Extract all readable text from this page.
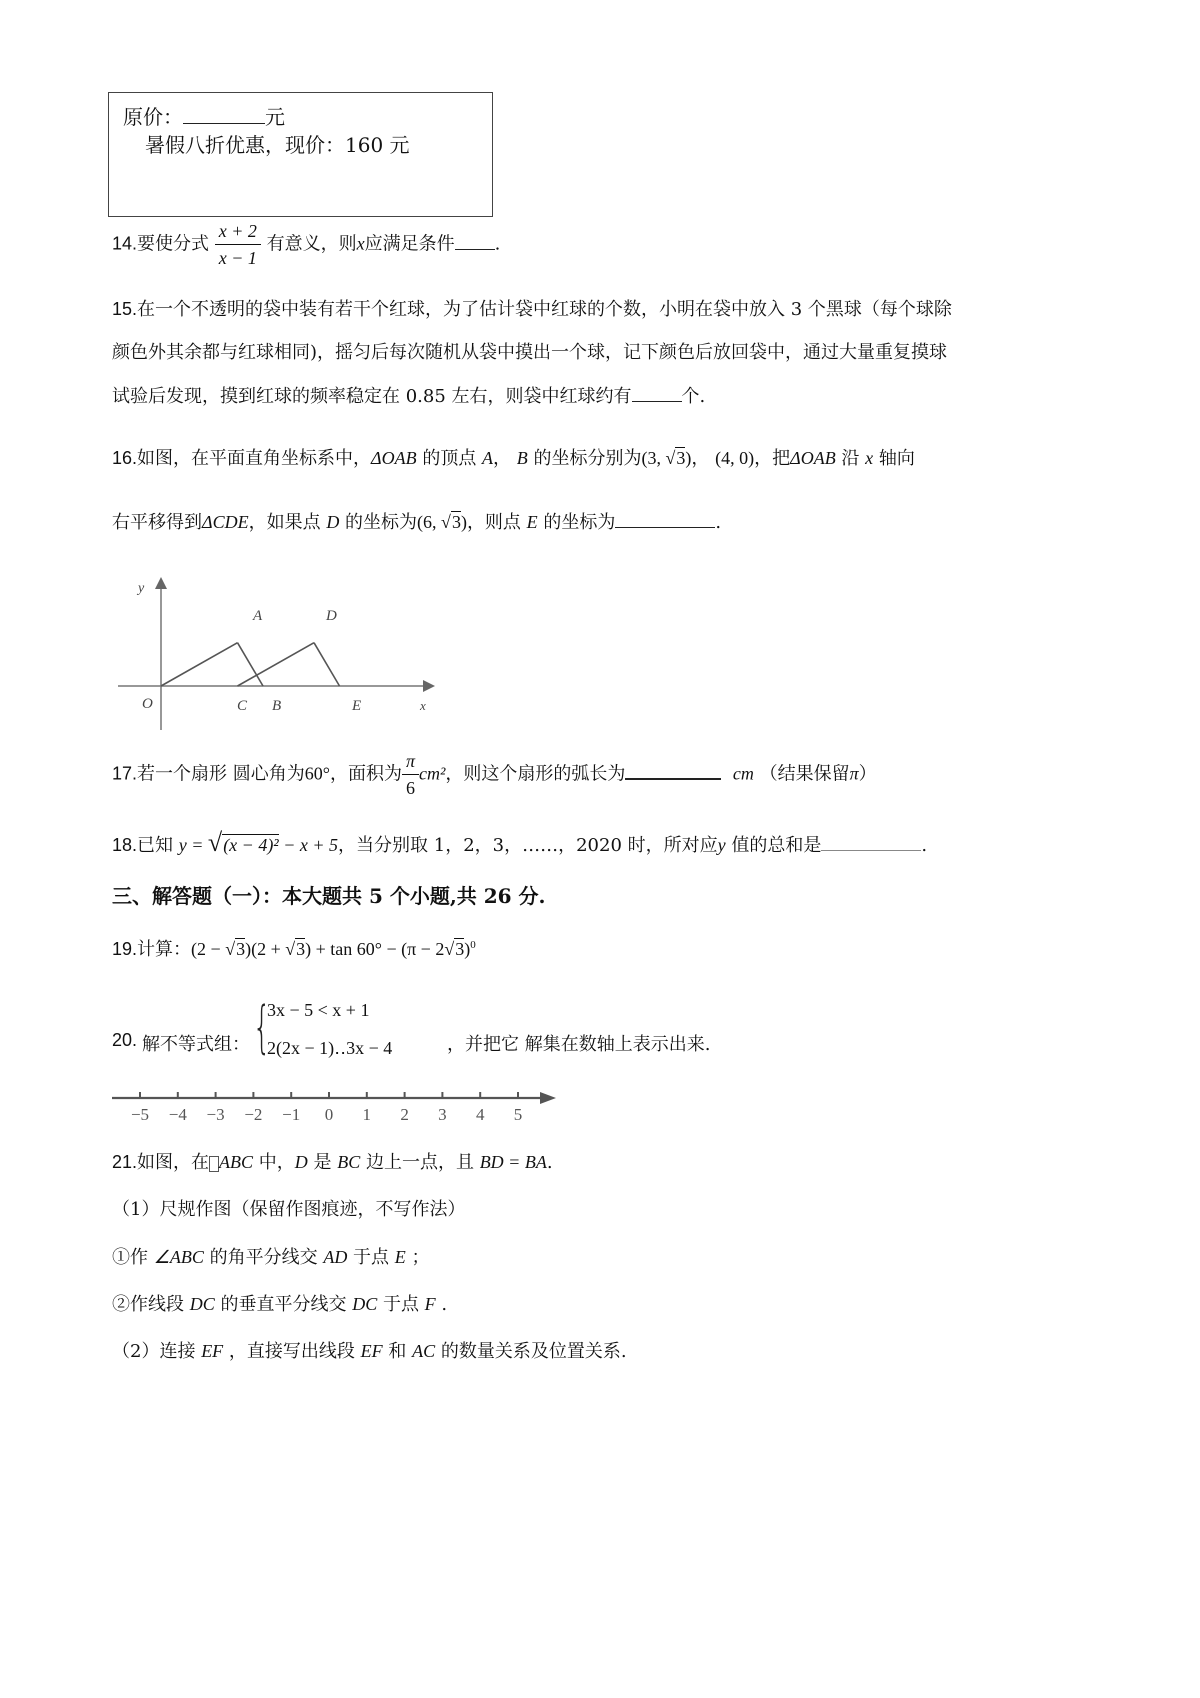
原价：	元
暑假八折优惠，现价：160 元
14.要使分式 $\frac{x + 2}{x - 1}$ 有意义，则x应满足条件 .
15.在一个不透明的袋中装有若干个红球，为了估计袋中红球的个数，小明在袋中放入 3 个黑球（每个球除
颜色外其余都与红球相同)，摇匀后每次随机从袋中摸出一个球，记下颜色后放回袋中，通过大量重复摸球
试验后发现，摸到红球的频率稳定在 0.85 左右，则袋中红球约有	个.
16.如图，在平面直角坐标系中，ΔOAB 的顶点 A， B 的坐标分别为(3, √3)， (4, 0)，把ΔOAB 沿 x 轴向
右平移得到ΔCDE，如果点 D 的坐标为(6, √3)，则点 E 的坐标为	.
y
x
O
A	D
C B	E
17.若一个扇形 圆心角为60°，面积为 $\frac{\pi}{6} cm^2$，则这个扇形的弧长为	cm （结果保留π）
18.已知 y = √(x − 4)² − x + 5，当分别取 1，2，3，……，2020 时，所对应y 值的总和是	.
三、解答题（一）：本大题共 5 个小题,共 26 分.
19.计算：$(2 - √3)(2 + √3) + \tan 60^\circ - (\pi - 2√3)^0$
20. 解不等式组： {
3x − 5 < x + 1
2(2x − 1)‥3x − 4	，并把它 解集在数轴上表示出来.
−5 −4 −3 −2 −1 0 1 2 3 4 5
21.如图，在 ABC 中，D 是 BC 边上一点，且 BD = BA.
（1）尺规作图（保留作图痕迹，不写作法）
①作 ∠ABC 的角平分线交 AD 于点 E ；
②作线段 DC 的垂直平分线交 DC 于点 F .
（2）连接 EF ，直接写出线段 EF 和 AC 的数量关系及位置关系.
